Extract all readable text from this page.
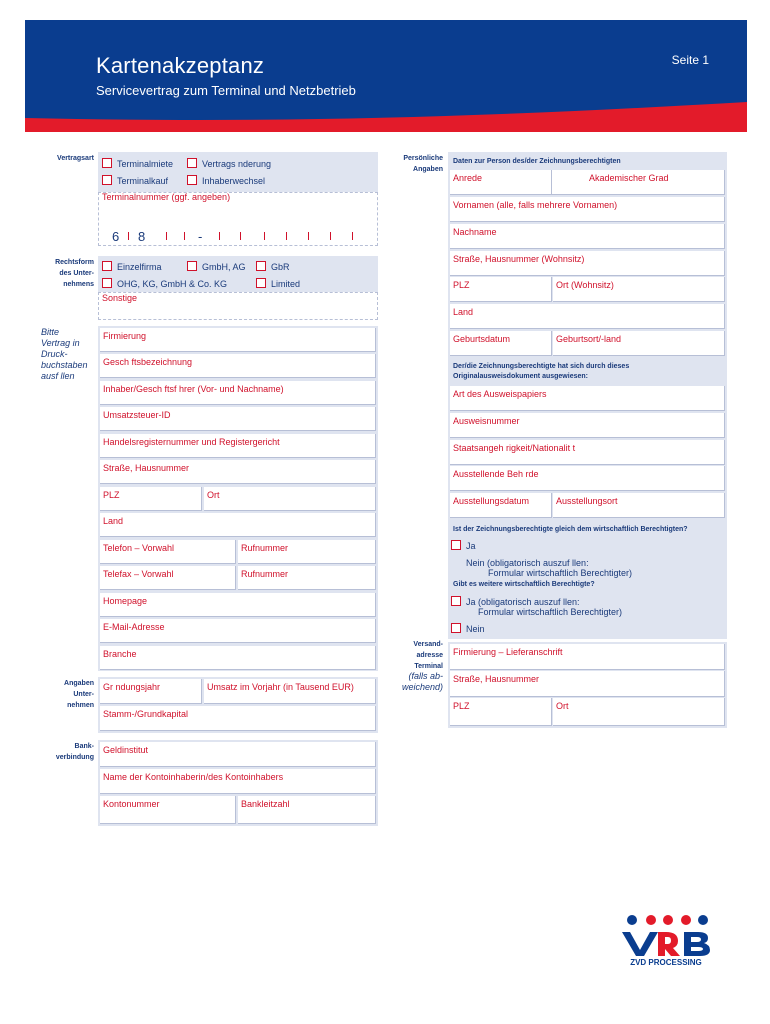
Kartenakzeptanz
Servicevertrag zum Terminal und Netzbetrieb
Seite 1
Vertragsart
Terminalmiete	Vertrags nderung
Terminalkauf	Inhaberwechsel
Terminalnummer (ggf. angeben)
6 8	-
Rechtsform
des Unter-
nehmens
Einzelfirma	GmbH, AG	GbR
OHG, KG, GmbH & Co. KG	Limited
Sonstige
Bitte
Vertrag in
Druck-
buchstaben
ausf llen
Firmierung
Gesch ftsbezeichnung
Inhaber/Gesch ftsf hrer (Vor- und Nachname)
Umsatzsteuer-ID
Handelsregisternummer und Registergericht
Straße, Hausnummer
PLZ	Ort
Land
Telefon – Vorwahl	Rufnummer
Telefax – Vorwahl	Rufnummer
Homepage
E-Mail-Adresse
Branche
Angaben
Unter-
nehmen
Gr ndungsjahr	Umsatz im Vorjahr (in Tausend EUR)
Stamm-/Grundkapital
Bank-
verbindung
Geldinstitut
Name der Kontoinhaberin/des Kontoinhabers
Kontonummer	Bankleitzahl
Persönliche
Angaben
Daten zur Person des/der Zeichnungsberechtigten
Anrede	Akademischer Grad
Vornamen (alle, falls mehrere Vornamen)
Nachname
Straße, Hausnummer (Wohnsitz)
PLZ	Ort (Wohnsitz)
Land
Geburtsdatum	Geburtsort/-land
Der/die Zeichnungsberechtigte hat sich durch dieses
Originalausweisdokument ausgewiesen:
Art des Ausweispapiers
Ausweisnummer
Staatsangeh rigkeit/Nationalit t
Ausstellende Beh rde
Ausstellungsdatum	Ausstellungsort
Ist der Zeichnungsberechtigte gleich dem wirtschaftlich Berechtigten?
Ja
Nein (obligatorisch auszuf llen:
Formular wirtschaftlich Berechtigter)
Gibt es weitere wirtschaftlich Berechtigte?
Ja (obligatorisch auszuf llen:
Formular wirtschaftlich Berechtigter)
Nein
Versand-
adresse
Terminal
(falls ab-
weichend)
Firmierung – Lieferanschrift
Straße, Hausnummer
PLZ	Ort
ZVD PROCESSING
